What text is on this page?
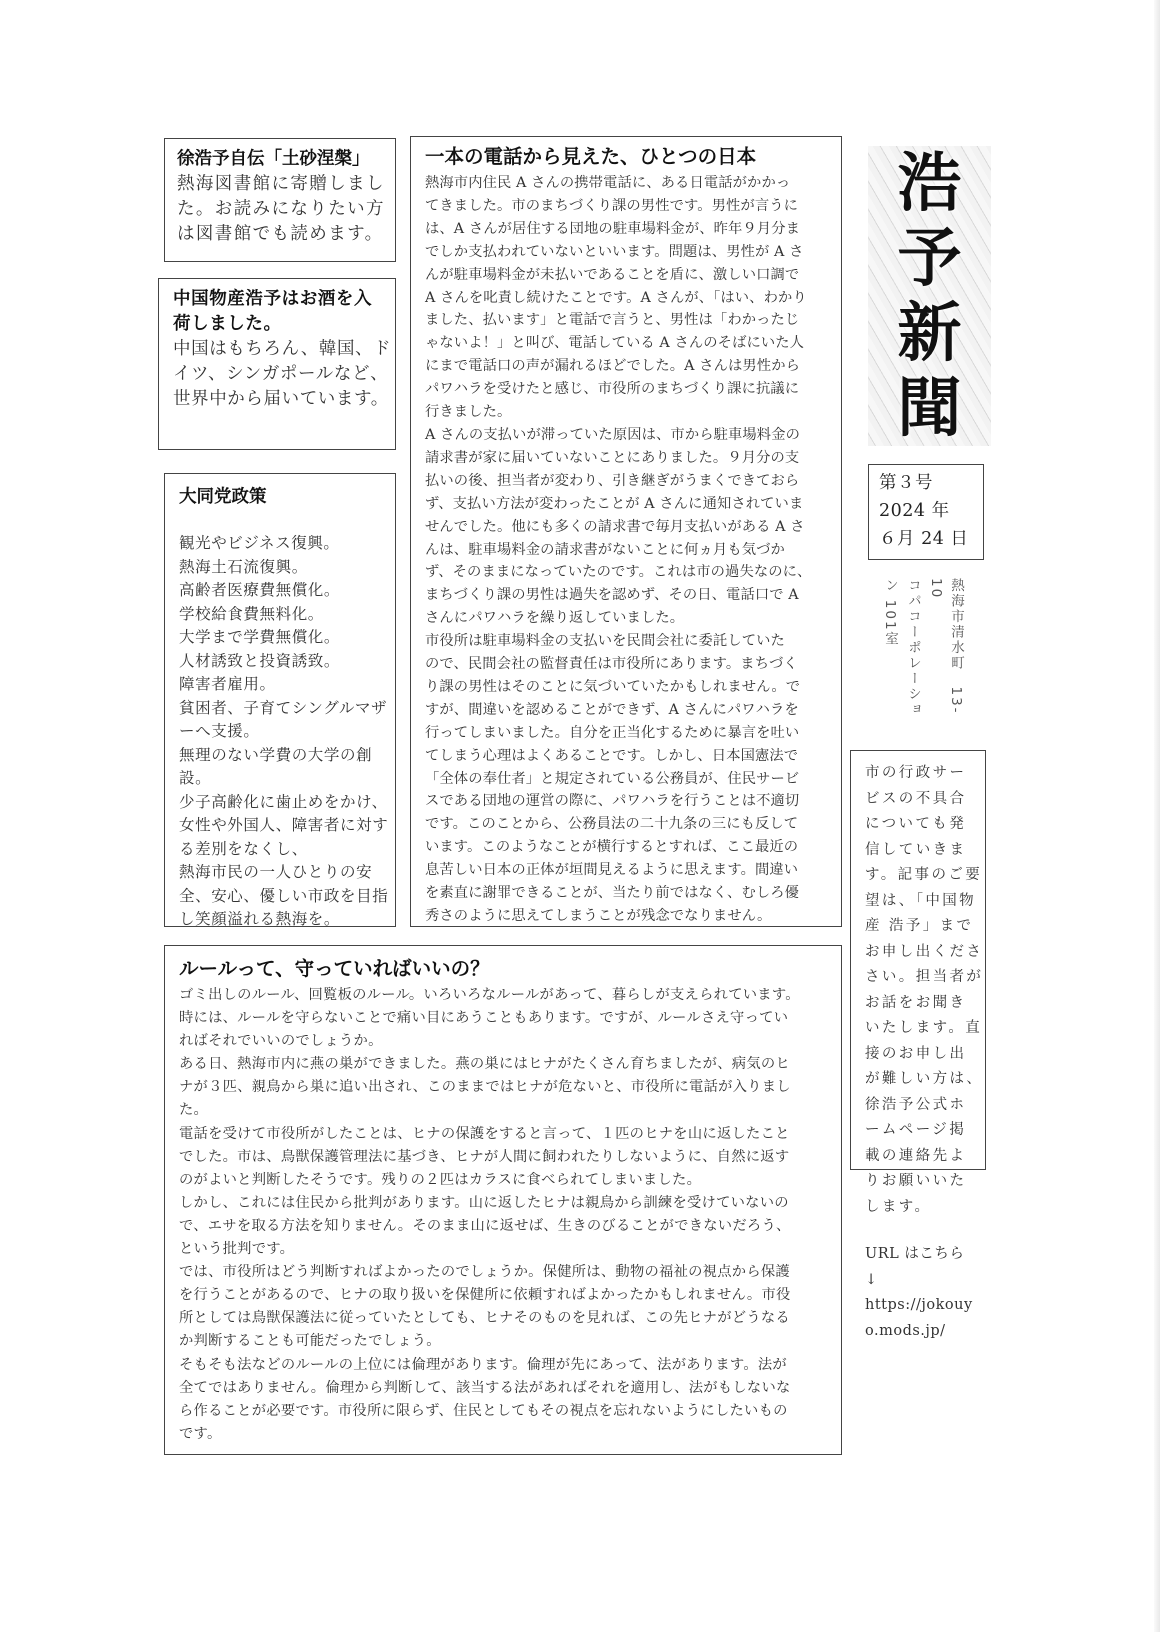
徐浩予自伝「土砂涅槃」
熱海図書館に寄贈しまし
た。お読みになりたい方
は図書館でも読めます。
中国物産浩予はお酒を入
荷しました。
中国はもちろん、韓国、ド
イツ、シンガポールなど、
世界中から届いています。
大同党政策
観光やビジネス復興。
熱海土石流復興。
高齢者医療費無償化。
学校給食費無料化。
大学まで学費無償化。
人材誘致と投資誘致。
障害者雇用。
貧困者、子育てシングルマザ
ーへ支援。
無理のない学費の大学の創
設。
少子高齢化に歯止めをかけ、
女性や外国人、障害者に対す
る差別をなくし、
熱海市民の一人ひとりの安
全、安心、優しい市政を目指
し笑顔溢れる熱海を。
一本の電話から見えた、ひとつの日本
熱海市内住民 A さんの携帯電話に、ある日電話がかかっ
てきました。市のまちづくり課の男性です。男性が言うに
は、A さんが居住する団地の駐車場料金が、昨年９月分ま
でしか支払われていないといいます。問題は、男性が A さ
んが駐車場料金が未払いであることを盾に、激しい口調で
A さんを叱責し続けたことです。A さんが、「はい、わかり
ました、払います」と電話で言うと、男性は「わかったじ
ゃないよ！」と叫び、電話している A さんのそばにいた人
にまで電話口の声が漏れるほどでした。A さんは男性から
パワハラを受けたと感じ、市役所のまちづくり課に抗議に
行きました。
A さんの支払いが滞っていた原因は、市から駐車場料金の
請求書が家に届いていないことにありました。９月分の支
払いの後、担当者が変わり、引き継ぎがうまくできておら
ず、支払い方法が変わったことが A さんに通知されていま
せんでした。他にも多くの請求書で毎月支払いがある A さ
んは、駐車場料金の請求書がないことに何ヵ月も気づか
ず、そのままになっていたのです。これは市の過失なのに、
まちづくり課の男性は過失を認めず、その日、電話口で A
さんにパワハラを繰り返していました。
市役所は駐車場料金の支払いを民間会社に委託していた
ので、民間会社の監督責任は市役所にあります。まちづく
り課の男性はそのことに気づいていたかもしれません。で
すが、間違いを認めることができず、A さんにパワハラを
行ってしまいました。自分を正当化するために暴言を吐い
てしまう心理はよくあることです。しかし、日本国憲法で
「全体の奉仕者」と規定されている公務員が、住民サービ
スである団地の運営の際に、パワハラを行うことは不適切
です。このことから、公務員法の二十九条の三にも反して
います。このようなことが横行するとすれば、ここ最近の
息苦しい日本の正体が垣間見えるように思えます。間違い
を素直に謝罪できることが、当たり前ではなく、むしろ優
秀さのように思えてしまうことが残念でなりません。
ルールって、守っていればいいの？
ゴミ出しのルール、回覧板のルール。いろいろなルールがあって、暮らしが支えられています。
時には、ルールを守らないことで痛い目にあうこともあります。ですが、ルールさえ守ってい
ればそれでいいのでしょうか。
ある日、熱海市内に燕の巣ができました。燕の巣にはヒナがたくさん育ちましたが、病気のヒ
ナが３匹、親鳥から巣に追い出され、このままではヒナが危ないと、市役所に電話が入りまし
た。
電話を受けて市役所がしたことは、ヒナの保護をすると言って、１匹のヒナを山に返したこと
でした。市は、鳥獣保護管理法に基づき、ヒナが人間に飼われたりしないように、自然に返す
のがよいと判断したそうです。残りの２匹はカラスに食べられてしまいました。
しかし、これには住民から批判があります。山に返したヒナは親鳥から訓練を受けていないの
で、エサを取る方法を知りません。そのまま山に返せば、生きのびることができないだろう、
という批判です。
では、市役所はどう判断すればよかったのでしょうか。保健所は、動物の福祉の視点から保護
を行うことがあるので、ヒナの取り扱いを保健所に依頼すればよかったかもしれません。市役
所としては鳥獣保護法に従っていたとしても、ヒナそのものを見れば、この先ヒナがどうなる
か判断することも可能だったでしょう。
そもそも法などのルールの上位には倫理があります。倫理が先にあって、法があります。法が
全てではありません。倫理から判断して、該当する法があればそれを適用し、法がもしないな
ら作ることが必要です。市役所に限らず、住民としてもその視点を忘れないようにしたいもの
です。
浩
予
新
聞
第３号
2024 年
６月 24 日
熱海市清水町　13-10
コパコーポレーショ
ン 101室
市の行政サー
ビスの不具合
についても発
信していきま
す。記事のご要
望は、「中国物
産 浩予」まで
お申し出くださ
さい。担当者が
お話をお聞き
いたします。直
接のお申し出
が難しい方は、
徐浩予公式ホ
ームページ掲
載の連絡先よ
りお願いいた
します。
URL はこちら
↓
https://jokouy
o.mods.jp/
